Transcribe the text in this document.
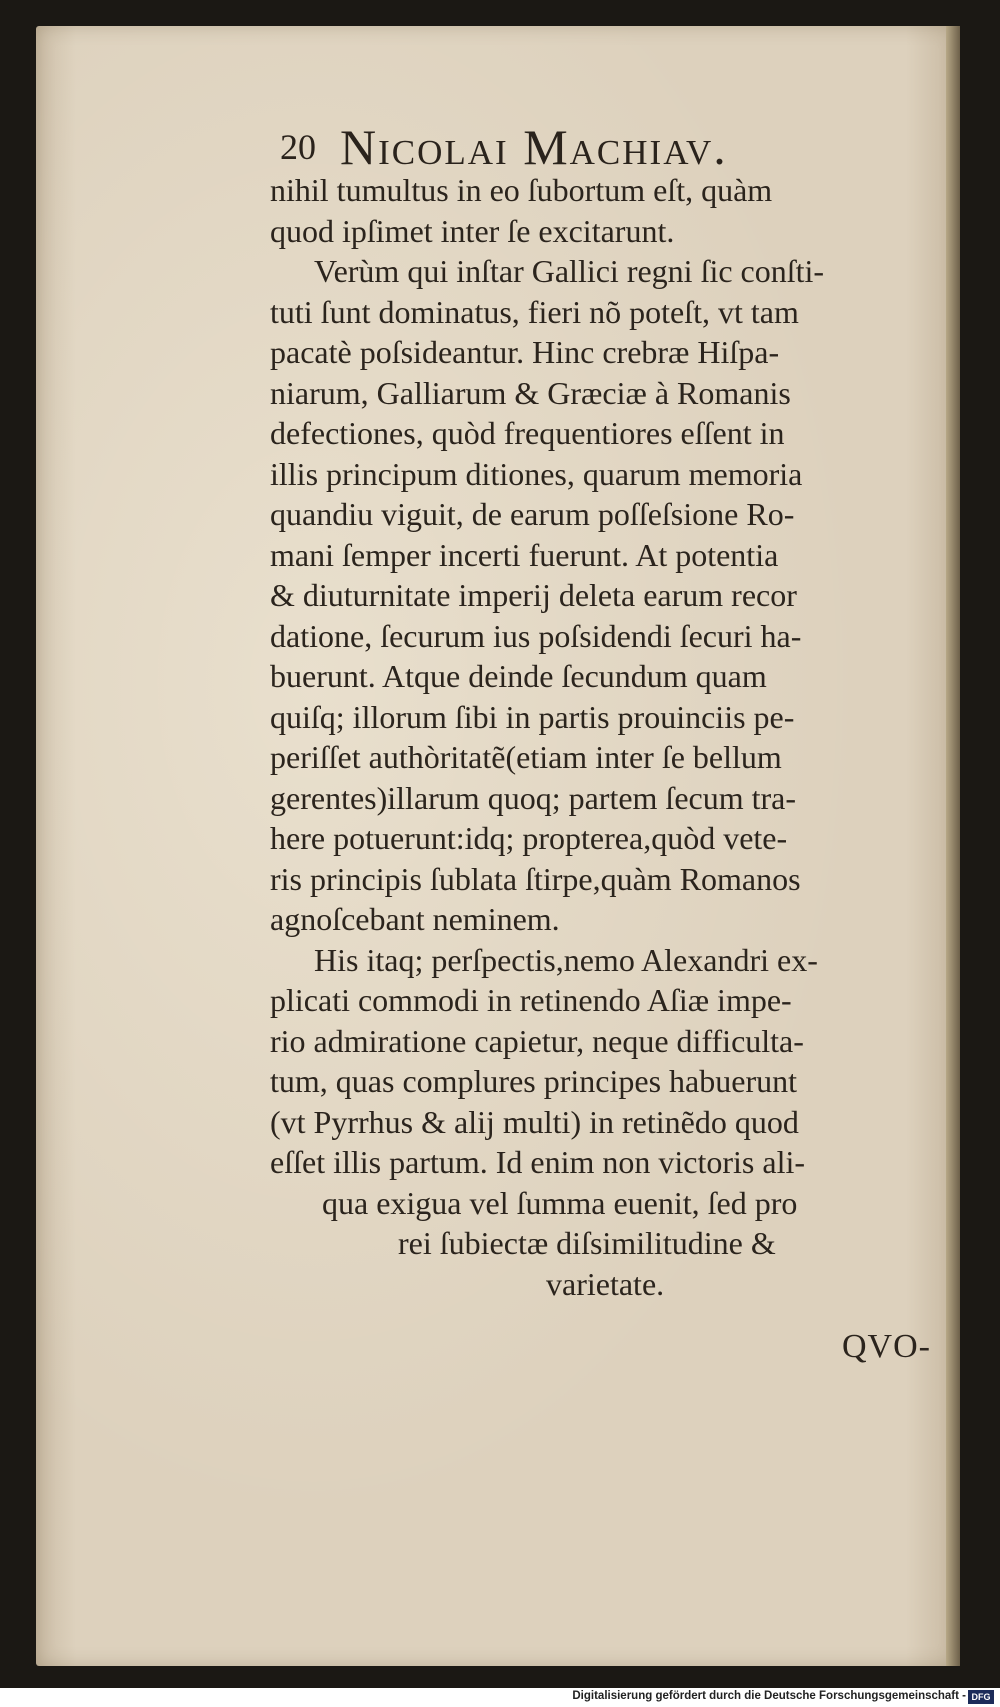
20 Nicolai Machiav.
nihil tumultus in eo ſubortum eſt, quàm
quod ipſimet inter ſe excitarunt.
Verùm qui inſtar Gallici regni ſic conſti-
tuti ſunt dominatus, fieri nõ poteſt, vt tam
pacatè poſsideantur. Hinc crebræ Hiſpa-
niarum, Galliarum & Græciæ à Romanis
defectiones, quòd frequentiores eſſent in
illis principum ditiones, quarum memoria
quandiu viguit, de earum poſſeſsione Ro-
mani ſemper incerti fuerunt. At potentia
& diuturnitate imperij deleta earum recor
datione, ſecurum ius poſsidendi ſecuri ha-
buerunt. Atque deinde ſecundum quam
quiſq; illorum ſibi in partis prouinciis pe-
periſſet authòritatẽ(etiam inter ſe bellum
gerentes)illarum quoq; partem ſecum tra-
here potuerunt:idq; propterea,quòd vete-
ris principis ſublata ſtirpe,quàm Romanos
agnoſcebant neminem.
His itaq; perſpectis,nemo Alexandri ex-
plicati commodi in retinendo Aſiæ impe-
rio admiratione capietur, neque difficulta-
tum, quas complures principes habuerunt
(vt Pyrrhus & alij multi) in retinẽdo quod
eſſet illis partum. Id enim non victoris ali-
qua exigua vel ſumma euenit, ſed pro
rei ſubiectæ diſsimilitudine &
varietate.
QVO-
Digitalisierung gefördert durch die Deutsche Forschungsgemeinschaft - DFG
